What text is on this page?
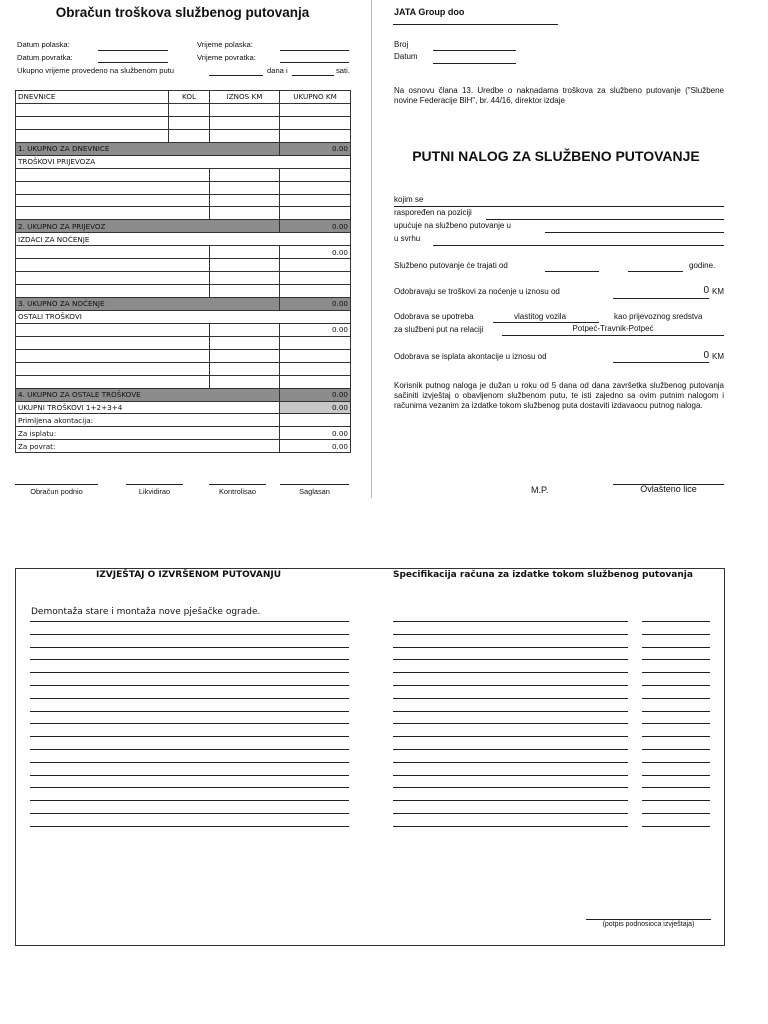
Obračun troškova službenog putovanja
Datum polaska:	Vrijeme polaska:
Datum povratka:	Vrijeme povratka:
Ukupno vrijeme provedeno na službenom putu	dana i	sati.
DNEVNICE	KOL	IZNOS KM	UKUPNO KM

1. UKUPNO ZA DNEVNICE			0.00
TROŠKOVI PRIJEVOZA			

2. UKUPNO ZA PRIJEVOZ			0.00
IZDACI ZA NOĆENJE			
			0.00

3. UKUPNO ZA NOĆENJE			0.00
OSTALI TROŠKOVI			
			0.00

4. UKUPNO ZA OSTALE TROŠKOVE			0.00
UKUPNI TROŠKOVI 1+2+3+4			0.00
Primljena akontacija:			
Za isplatu:			0.00
Za povrat:			0.00
Obračun podnio	Likvidirao	Kontrolisao	Saglasan
JATA Group doo
Broj
Datum
Na osnovu člana 13. Uredbe o naknadama troškova za službeno putovanje ("Službene novine Federacije BiH", br. 44/16, direktor izdaje
PUTNI NALOG ZA SLUŽBENO PUTOVANJE
kojim se
raspoređen na poziciji
upućuje na službeno putovanje u
u svrhu
Službeno putovanje će trajati od	godine.
Odobravaju se troškovi za noćenje u iznosu od	0 KM
Odobrava se upotreba	vlastitog vozila	kao prijevoznog sredstva
za službeni put na relaciji	Potpeć-Travnik-Potpeć
Odobrava se isplata akontacije u iznosu od	0 KM
Korisnik putnog naloga je dužan u roku od 5 dana od dana završetka službenog putovanja sačiniti izvještaj o obavljenom službenom putu, te isti zajedno sa ovim putnim nalogom i računima vezanim za izdatke tokom službenog puta dostaviti izdavaocu putnog naloga.
M.P.	Ovlašteno lice
IZVJEŠTAJ O IZVRŠENOM PUTOVANJU	Specifikacija računa za izdatke tokom službenog putovanja
Demontaža stare i montaža nove pješačke ograde.
(potpis podnosioca izvještaja)
